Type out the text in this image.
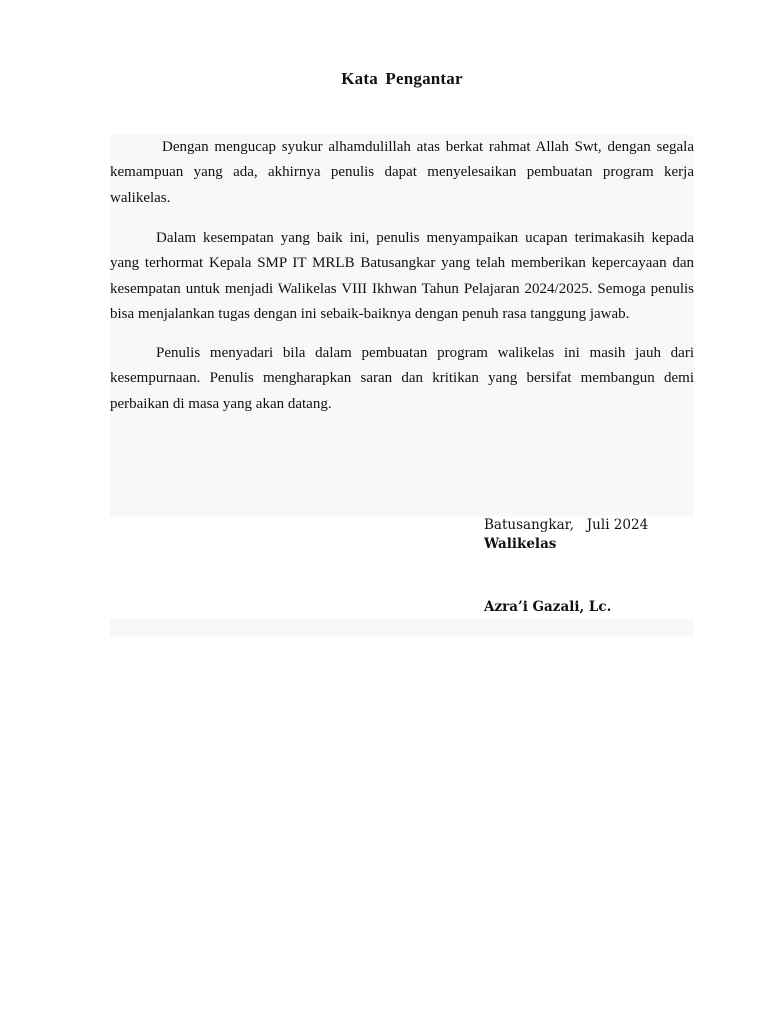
Kata Pengantar

Dengan mengucap syukur alhamdulillah atas berkat rahmat Allah Swt, dengan segala kemampuan yang ada, akhirnya penulis dapat menyelesaikan pembuatan program kerja walikelas.

Dalam kesempatan yang baik ini, penulis menyampaikan ucapan terimakasih kepada yang terhormat Kepala SMP IT MRLB Batusangkar yang telah memberikan kepercayaan dan kesempatan untuk menjadi Walikelas VIII Ikhwan Tahun Pelajaran 2024/2025. Semoga penulis bisa menjalankan tugas dengan ini sebaik-baiknya dengan penuh rasa tanggung jawab.

Penulis menyadari bila dalam pembuatan program walikelas ini masih jauh dari kesempurnaan. Penulis mengharapkan saran dan kritikan yang bersifat membangun demi perbaikan di masa yang akan datang.

Batusangkar,   Juli 2024

Walikelas

Azra’i Gazali, Lc.
